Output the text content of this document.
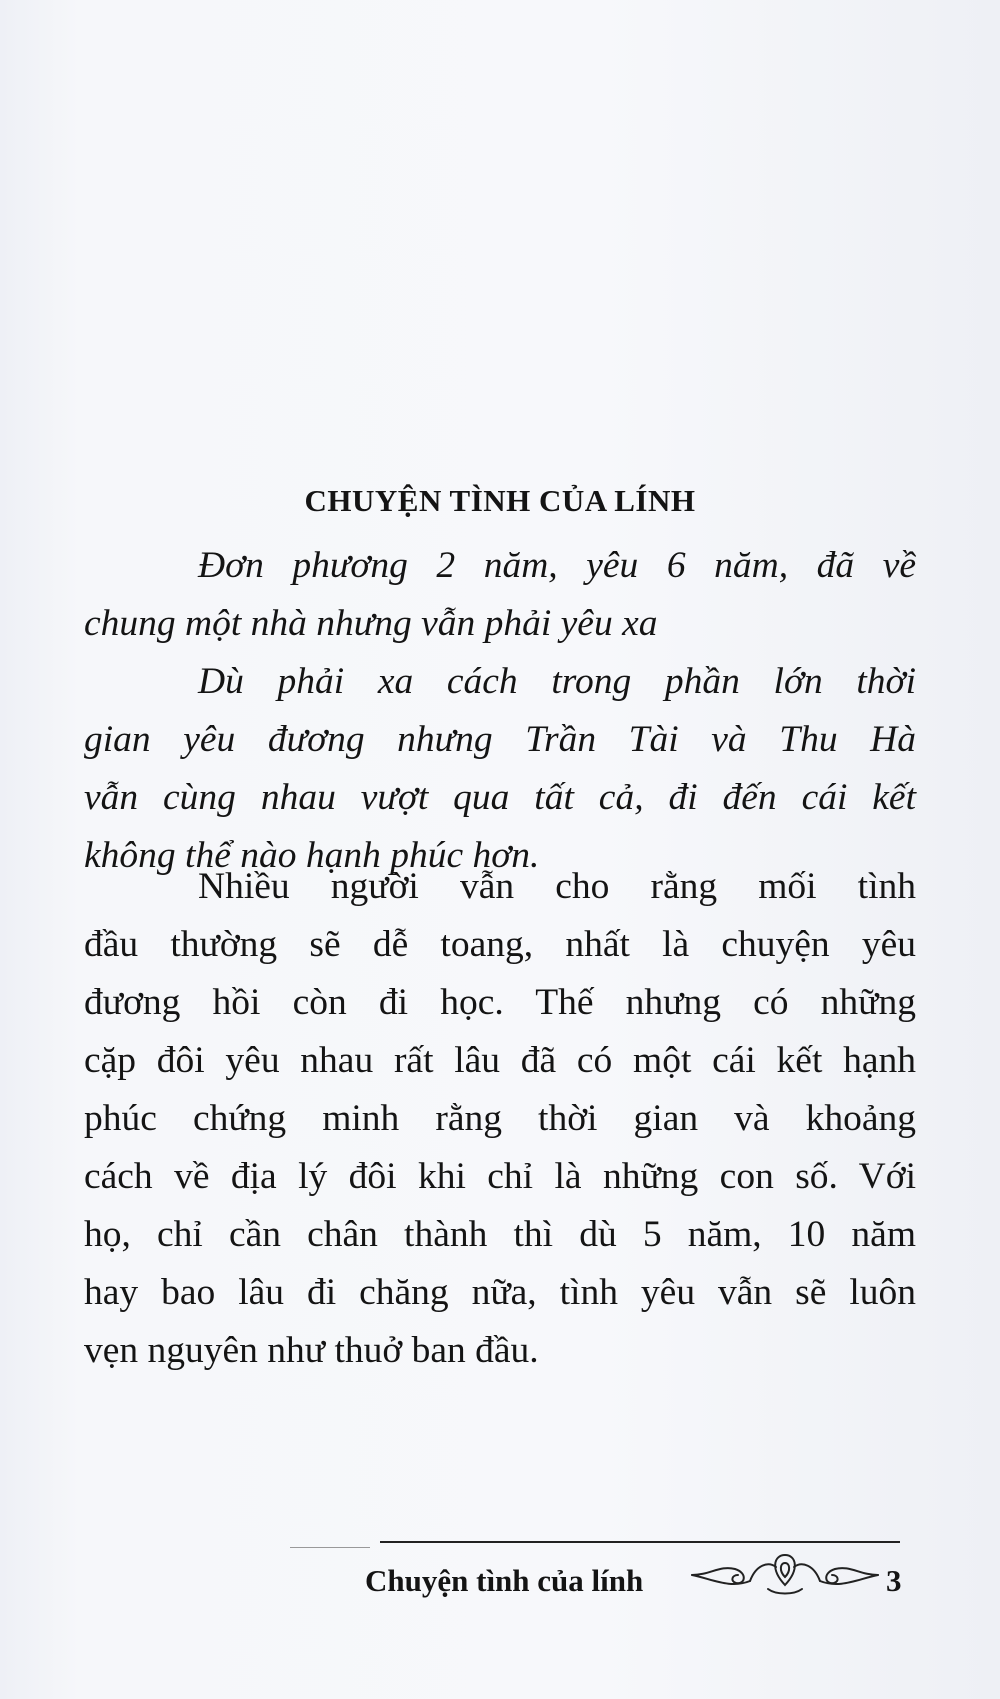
CHUYỆN TÌNH CỦA LÍNH
Đơn phương 2 năm, yêu 6 năm, đã về
chung một nhà nhưng vẫn phải yêu xa
Dù phải xa cách trong phần lớn thời
gian yêu đương nhưng Trần Tài và Thu Hà
vẫn cùng nhau vượt qua tất cả, đi đến cái kết
không thể nào hạnh phúc hơn.
Nhiều người vẫn cho rằng mối tình
đầu thường sẽ dễ toang, nhất là chuyện yêu
đương hồi còn đi học. Thế nhưng có những
cặp đôi yêu nhau rất lâu đã có một cái kết hạnh
phúc chứng minh rằng thời gian và khoảng
cách về địa lý đôi khi chỉ là những con số. Với
họ, chỉ cần chân thành thì dù 5 năm, 10 năm
hay bao lâu đi chăng nữa, tình yêu vẫn sẽ luôn
vẹn nguyên như thuở ban đầu.
Chuyện tình của lính	3
